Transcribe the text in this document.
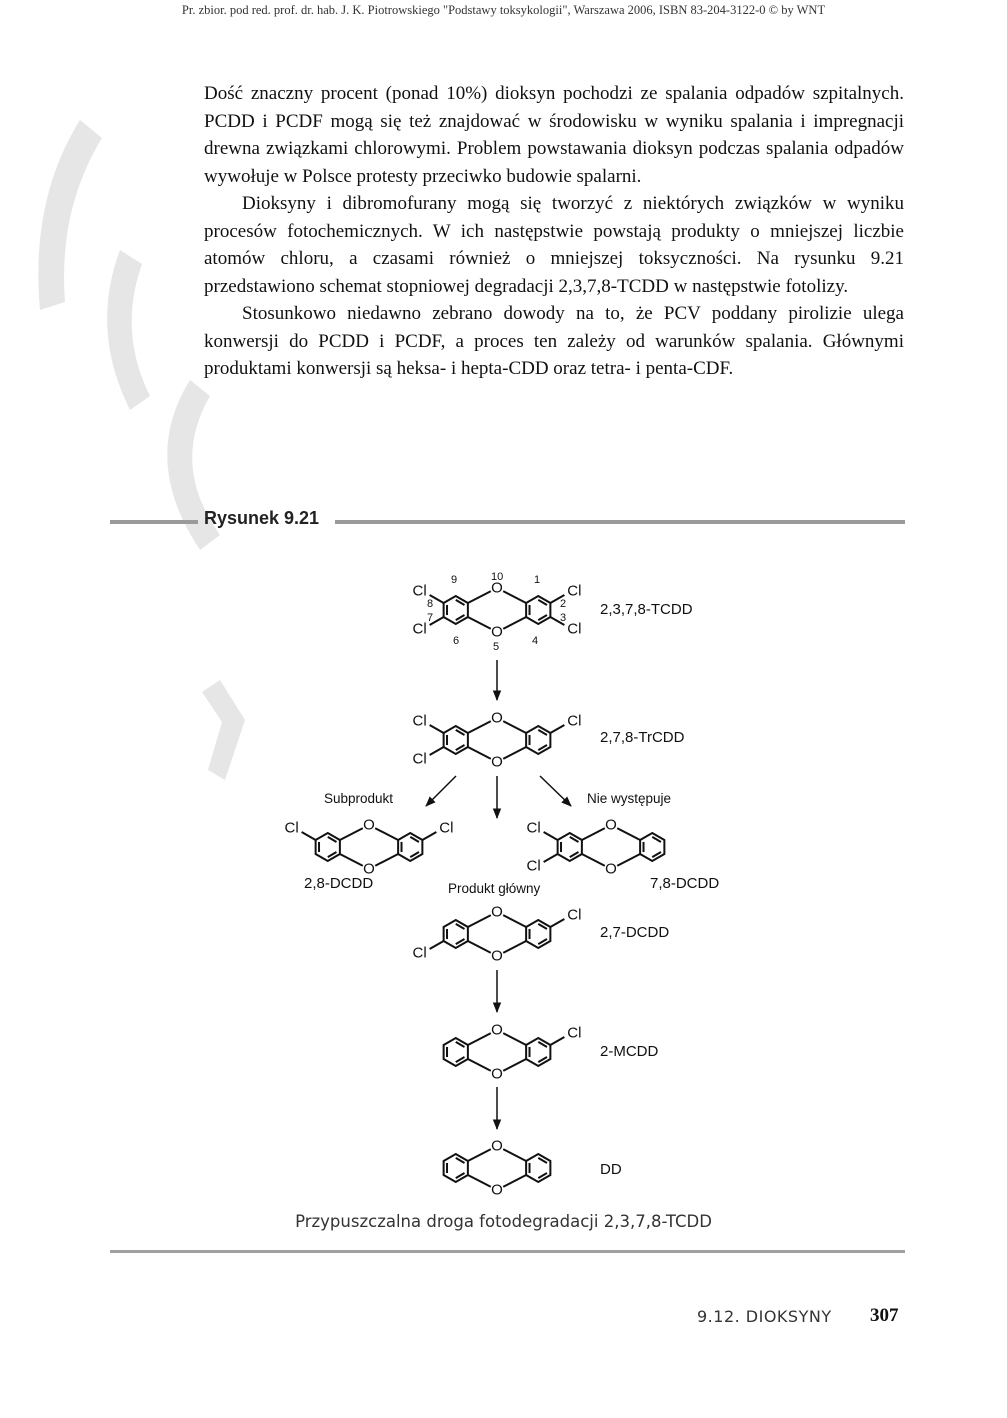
Pr. zbior. pod red. prof. dr. hab. J. K. Piotrowskiego "Podstawy toksykologii", Warszawa 2006, ISBN 83-204-3122-0 © by WNT

Dość znaczny procent (ponad 10%) dioksyn pochodzi ze spalania odpadów szpitalnych. PCDD i PCDF mogą się też znajdować w środowisku w wyniku spalania i impregnacji drewna związkami chlorowymi. Problem powstawania dioksyn podczas spalania odpadów wywołuje w Polsce protesty przeciwko budowie spalarni.

Dioksyny i dibromofurany mogą się tworzyć z niektórych związków w wyniku procesów fotochemicznych. W ich następstwie powstają produkty o mniejszej liczbie atomów chloru, a czasami również o mniejszej toksyczności. Na rysunku 9.21 przedstawiono schemat stopniowej degradacji 2,3,7,8-TCDD w następstwie fotolizy.

Stosunkowo niedawno zebrano dowody na to, że PCV poddany pirolizie ulega konwersji do PCDD i PCDF, a proces ten zależy od warunków spalania. Głównymi produktami konwersji są heksa- i hepta-CDD oraz tetra- i penta-CDF.

Rysunek 9.21
Cl
Cl
Cl
Cl
O
O
Cl
Cl
Cl
O
O
Cl	Cl
O
O
Cl
Cl
O
O
Cl
Cl
O
O
Cl
O
O
O
O
2,3,7,8-TCDD
2,7,8-TrCDD
2,8-DCDD	7,8-DCDD
2,7-DCDD
2-MCDD
DD
Subprodukt	Nie występuje
Produkt główny
9	10	1
2
3
4
5
6
7
8
Przypuszczalna droga fotodegradacji 2,3,7,8-TCDD
9.12. DIOKSYNY 307
